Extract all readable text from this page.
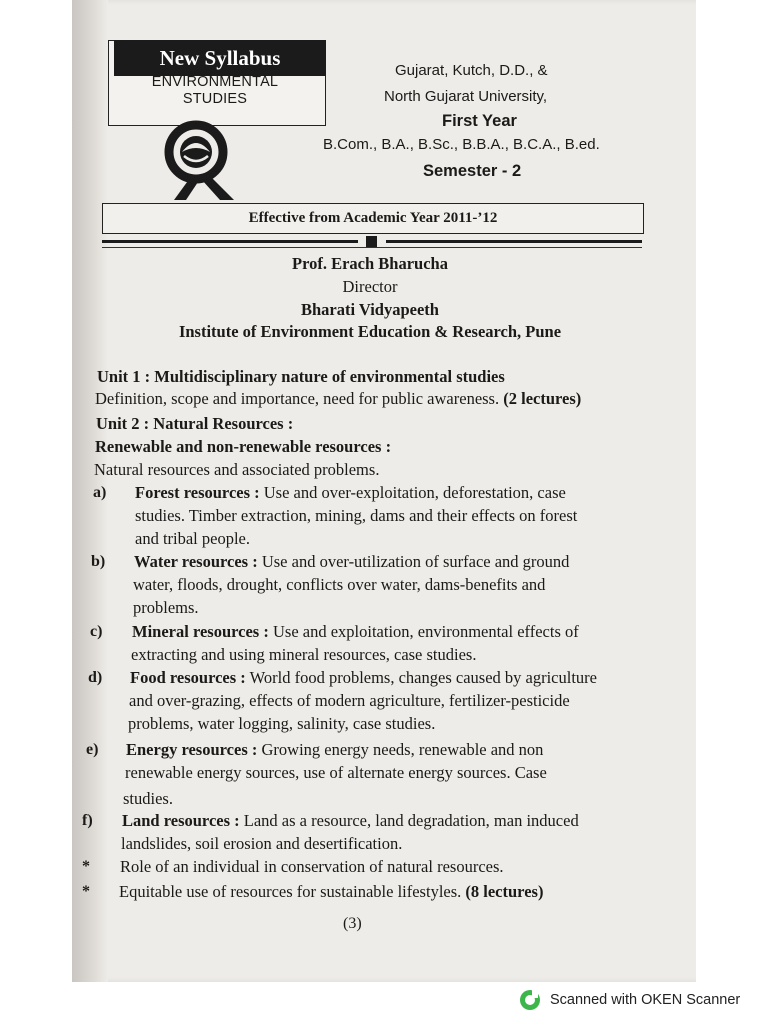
New Syllabus
ENVIRONMENTAL
STUDIES
Gujarat, Kutch, D.D., &
North Gujarat University,
First Year
B.Com., B.A., B.Sc., B.B.A., B.C.A., B.ed.
Semester - 2
Effective from Academic Year 2011-’12
Prof. Erach Bharucha
Director
Bharati Vidyapeeth
Institute of Environment Education & Research, Pune
Unit 1 : Multidisciplinary nature of environmental studies
Definition, scope and importance, need for public awareness. (2 lectures)
Unit 2 : Natural Resources :
Renewable and non-renewable resources :
Natural resources and associated problems.
a) Forest resources : Use and over-exploitation, deforestation, case
studies. Timber extraction, mining, dams and their effects on forest
and tribal people.
b) Water resources : Use and over-utilization of surface and ground
water, floods, drought, conflicts over water, dams-benefits and
problems.
c) Mineral resources : Use and exploitation, environmental effects of
extracting and using mineral resources, case studies.
d) Food resources : World food problems, changes caused by agriculture
and over-grazing, effects of modern agriculture, fertilizer-pesticide
problems, water logging, salinity, case studies.
e) Energy resources : Growing energy needs, renewable and non
renewable energy sources, use of alternate energy sources. Case
studies.
f) Land resources : Land as a resource, land degradation, man induced
landslides, soil erosion and desertification.
* Role of an individual in conservation of natural resources.
* Equitable use of resources for sustainable lifestyles. (8 lectures)
(3)
Scanned with OKEN Scanner
